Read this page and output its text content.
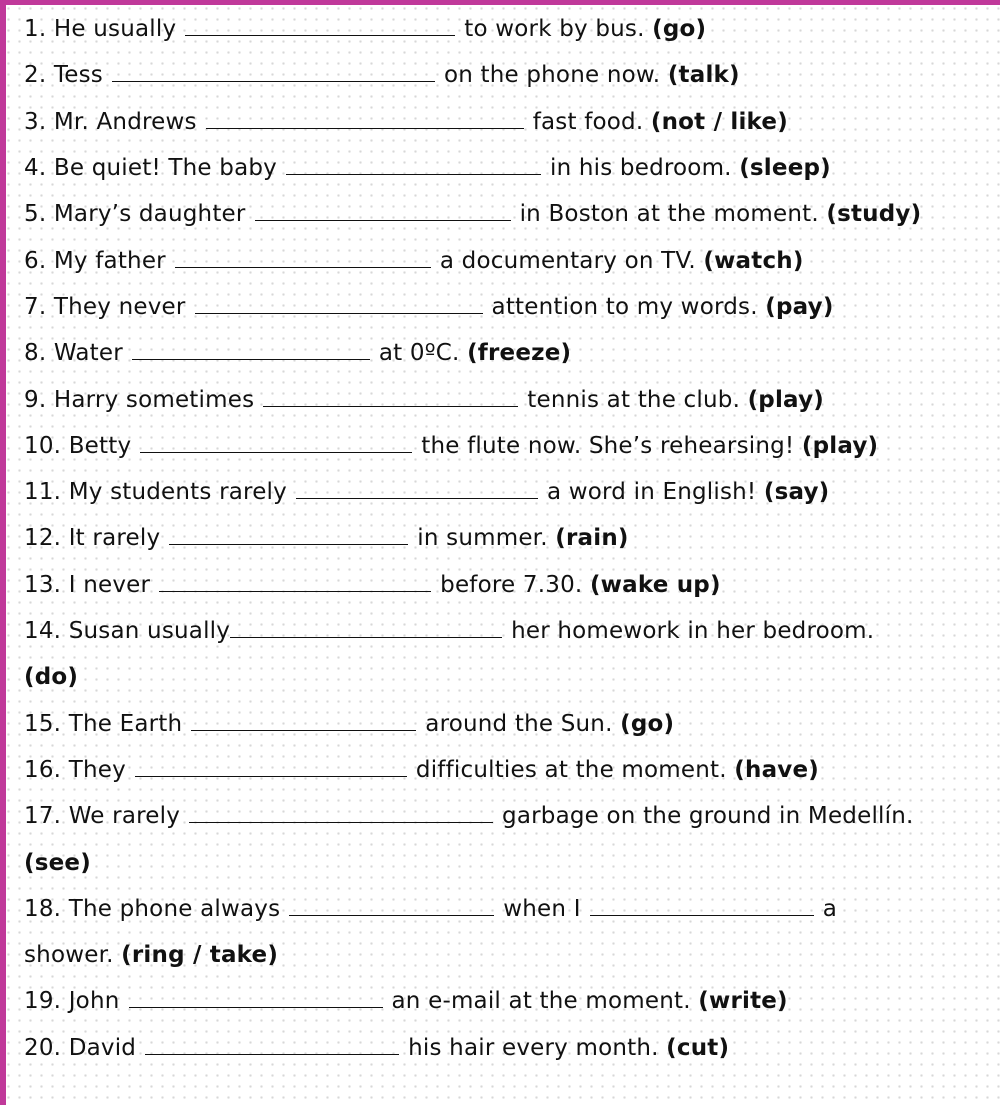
1. He usually	to work by bus. (go)
2. Tess	on the phone now. (talk)
3. Mr. Andrews	fast food. (not / like)
4. Be quiet! The baby	in his bedroom. (sleep)
5. Mary’s daughter	in Boston at the moment. (study)
6. My father	a documentary on TV. (watch)
7. They never	attention to my words. (pay)
8. Water	at 0ºC. (freeze)
9. Harry sometimes	tennis at the club. (play)
10. Betty	the flute now. She’s rehearsing! (play)
11. My students rarely	a word in English! (say)
12. It rarely	in summer. (rain)
13. I never	before 7.30. (wake up)
14. Susan usually	her homework in her bedroom.
(do)
15. The Earth	around the Sun. (go)
16. They	difficulties at the moment. (have)
17. We rarely	garbage on the ground in Medellín.
(see)
18. The phone always	when I	a
shower. (ring / take)
19. John	an e-mail at the moment. (write)
20. David	his hair every month. (cut)
